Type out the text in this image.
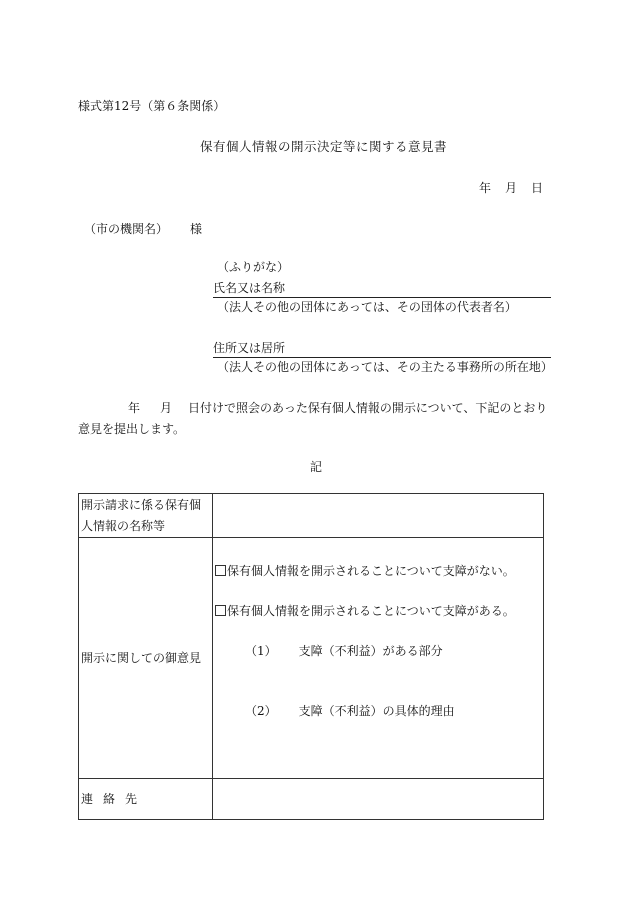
様式第12号（第６条関係）
保有個人情報の開示決定等に関する意見書
年 月 日
（市の機関名） 様
（ふりがな）
氏名又は名称
（法人その他の団体にあっては、その団体の代表者名）
住所又は居所
（法人その他の団体にあっては、その主たる事務所の所在地）
年 月 日付けで照会のあった保有個人情報の開示について、下記のとおり意見を提出します。
記
開示請求に係る保有個人情報の名称等	
開示に関しての御意見	保有個人情報を開示されることについて支障がない。
保有個人情報を開示されることについて支障がある。
（1） 支障（不利益）がある部分
（2） 支障（不利益）の具体的理由

連 絡 先	
